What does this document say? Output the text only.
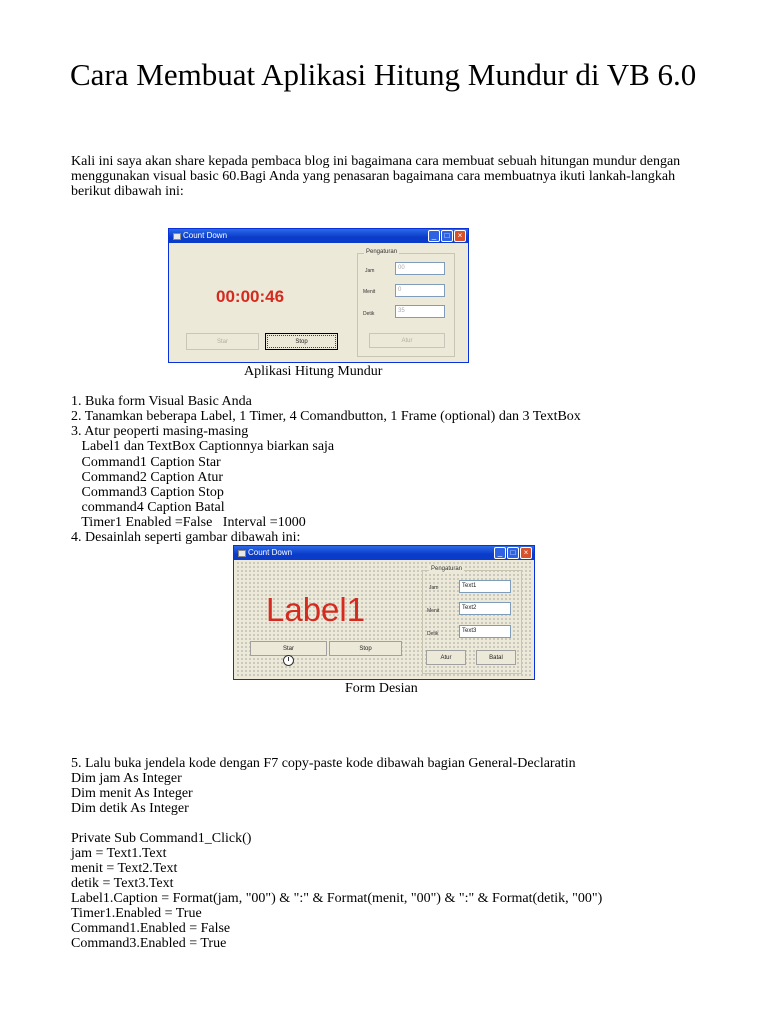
Cara Membuat Aplikasi Hitung Mundur di VB 6.0

Kali ini saya akan share kepada pembaca blog ini bagaimana cara membuat sebuah hitungan mundur dengan menggunakan visual basic 60.Bagi Anda yang penasaran bagaimana cara membuatnya ikuti lankah-langkah berikut dibawah ini:

Count Down	_	□	×
00:00:46
Star	Stop
Pengaturan
Jam
Menit
Detik
00
0
35
Atur
Aplikasi Hitung Mundur
1. Buka form Visual Basic Anda
2. Tanamkan beberapa Label, 1 Timer, 4 Comandbutton, 1 Frame (optional) dan 3 TextBox
3. Atur peoperti masing-masing
Label1 dan TextBox Captionnya biarkan saja
Command1 Caption Star
Command2 Caption Atur
Command3 Caption Stop
command4 Caption Batal
Timer1 Enabled =False   Interval =1000
4. Desainlah seperti gambar dibawah ini:
Count Down	_	□	×
Label1
Star	Stop
Pengaturan
Jam
Menit
Detik
Text1
Text2
Text3
Atur	Batal
Form Desian
5. Lalu buka jendela kode dengan F7 copy-paste kode dibawah bagian General-Declaratin
Dim jam As Integer
Dim menit As Integer
Dim detik As Integer
Private Sub Command1_Click()
jam = Text1.Text
menit = Text2.Text
detik = Text3.Text
Label1.Caption = Format(jam, "00") & ":" & Format(menit, "00") & ":" & Format(detik, "00")
Timer1.Enabled = True
Command1.Enabled = False
Command3.Enabled = True
